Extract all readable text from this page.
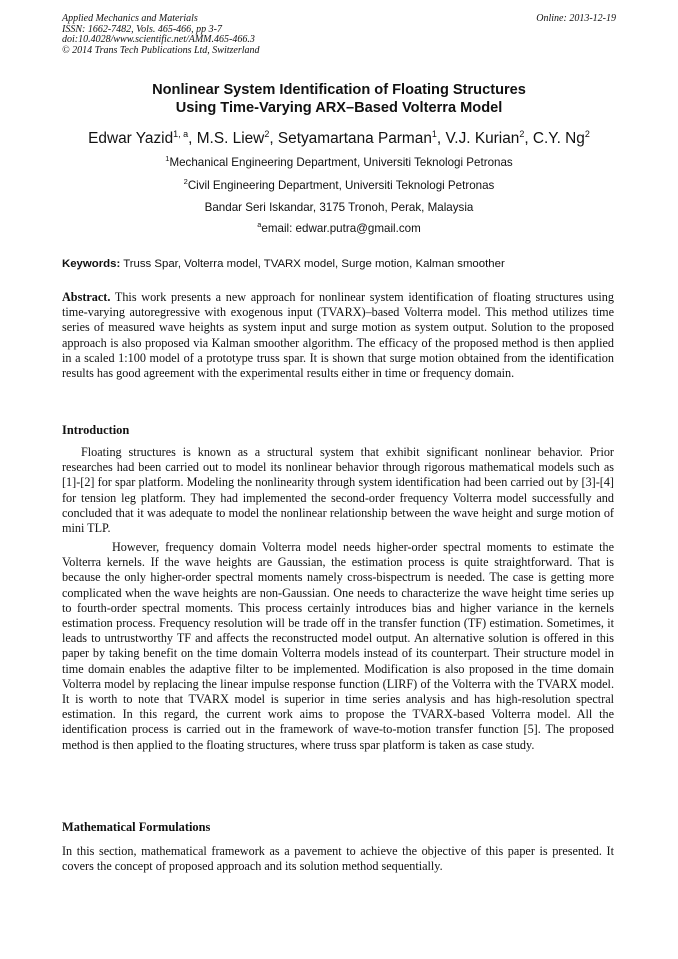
Applied Mechanics and Materials
ISSN: 1662-7482, Vols. 465-466, pp 3-7
doi:10.4028/www.scientific.net/AMM.465-466.3
© 2014 Trans Tech Publications Ltd, Switzerland
Online: 2013-12-19
Nonlinear System Identification of Floating Structures
Using Time-Varying ARX–Based Volterra Model
Edwar Yazid$^{1, a}$, M.S. Liew$^2$, Setyamartana Parman$^1$, V.J. Kurian$^2$, C.Y. Ng$^2$
$^1$Mechanical Engineering Department, Universiti Teknologi Petronas
$^2$Civil Engineering Department, Universiti Teknologi Petronas
Bandar Seri Iskandar, 3175 Tronoh, Perak, Malaysia
$^a$email: edwar.putra@gmail.com
Keywords: Truss Spar, Volterra model, TVARX model, Surge motion, Kalman smoother
Abstract. This work presents a new approach for nonlinear system identification of floating structures using time-varying autoregressive with exogenous input (TVARX)–based Volterra model. This method utilizes time series of measured wave heights as system input and surge motion as system output. Solution to the proposed approach is also proposed via Kalman smoother algorithm. The efficacy of the proposed method is then applied in a scaled 1:100 model of a prototype truss spar. It is shown that surge motion obtained from the identification results has good agreement with the experimental results either in time or frequency domain.
Introduction
Floating structures is known as a structural system that exhibit significant nonlinear behavior. Prior researches had been carried out to model its nonlinear behavior through rigorous mathematical models such as [1]-[2] for spar platform. Modeling the nonlinearity through system identification had been carried out by [3]-[4] for tension leg platform. They had implemented the second-order frequency Volterra model successfully and concluded that it was adequate to model the nonlinear relationship between the wave height and surge motion of mini TLP.
However, frequency domain Volterra model needs higher-order spectral moments to estimate the Volterra kernels. If the wave heights are Gaussian, the estimation process is quite straightforward. That is because the only higher-order spectral moments namely cross-bispectrum is needed. The case is getting more complicated when the wave heights are non-Gaussian. One needs to characterize the wave height time series up to fourth-order spectral moments. This process certainly introduces bias and higher variance in the kernels estimation process. Frequency resolution will be trade off in the transfer function (TF) estimation. Sometimes, it leads to untrustworthy TF and affects the reconstructed model output. An alternative solution is offered in this paper by taking benefit on the time domain Volterra models instead of its counterpart. Their structure model in time domain enables the adaptive filter to be implemented. Modification is also proposed in the time domain Volterra model by replacing the linear impulse response function (LIRF) of the Volterra with the TVARX model. It is worth to note that TVARX model is superior in time series analysis and has high-resolution spectral estimation. In this regard, the current work aims to propose the TVARX-based Volterra model. All the identification process is carried out in the framework of wave-to-motion transfer function [5]. The proposed method is then applied to the floating structures, where truss spar platform is taken as case study.
Mathematical Formulations
In this section, mathematical framework as a pavement to achieve the objective of this paper is presented. It covers the concept of proposed approach and its solution method sequentially.
